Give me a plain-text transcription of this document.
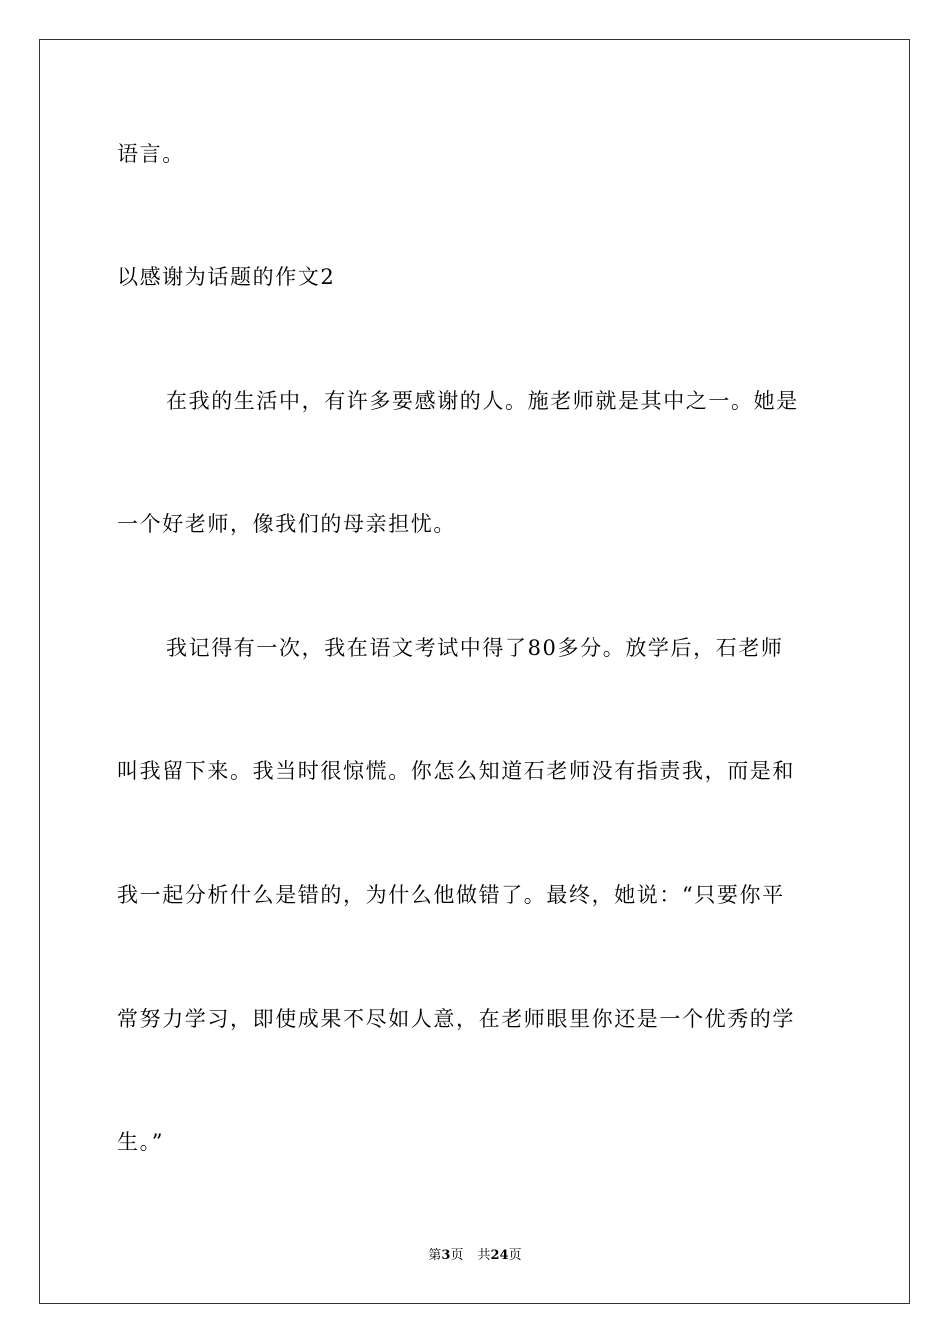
语言。
以感谢为话题的作文2
在我的生活中，有许多要感谢的人。施老师就是其中之一。她是
一个好老师，像我们的母亲担忧。
我记得有一次，我在语文考试中得了80多分。放学后，石老师
叫我留下来。我当时很惊慌。你怎么知道石老师没有指责我，而是和
我一起分析什么是错的，为什么他做错了。最终，她说：“只要你平
常努力学习，即使成果不尽如人意，在老师眼里你还是一个优秀的学
生。”
第3页 共24页
